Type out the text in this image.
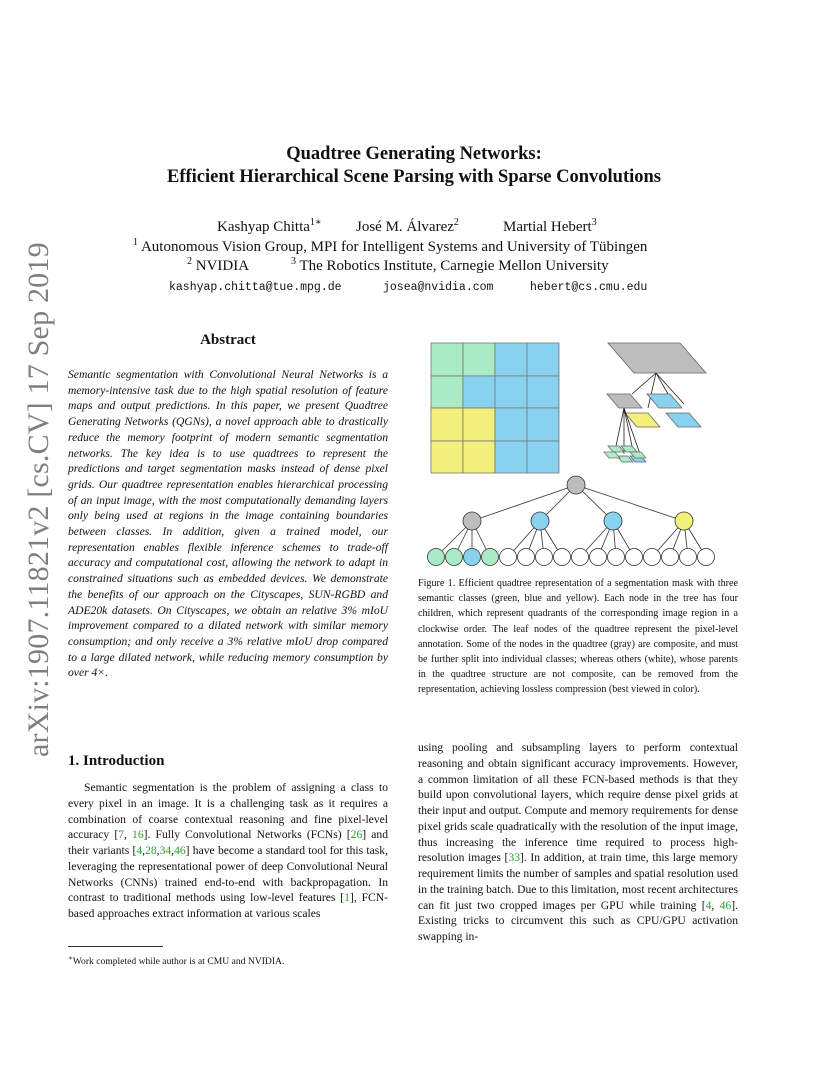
arXiv:1907.11821v2 [cs.CV] 17 Sep 2019
Quadtree Generating Networks:
Efficient Hierarchical Scene Parsing with Sparse Convolutions
Kashyap Chitta$^{1∗}$ José M. Álvarez$^2$	Martial Hebert$^3$
$^1$ Autonomous Vision Group, MPI for Intelligent Systems and University of Tübingen
$^2$ NVIDIA	$^3$ The Robotics Institute, Carnegie Mellon University
kashyap.chitta@tue.mpg.de	josea@nvidia.com	hebert@cs.cmu.edu
Abstract
Semantic segmentation with Convolutional Neural Networks is a memory-intensive task due to the high spatial resolution of feature maps and output predictions. In this paper, we present Quadtree Generating Networks (QGNs), a novel approach able to drastically reduce the memory footprint of modern semantic segmentation networks. The key idea is to use quadtrees to represent the predictions and target segmentation masks instead of dense pixel grids. Our quadtree representation enables hierarchical processing of an input image, with the most computationally demanding layers only being used at regions in the image containing boundaries between classes. In addition, given a trained model, our representation enables flexible inference schemes to trade-off accuracy and computational cost, allowing the network to adapt in constrained situations such as embedded devices. We demonstrate the benefits of our approach on the Cityscapes, SUN-RGBD and ADE20k datasets. On Cityscapes, we obtain an relative 3% mIoU improvement compared to a dilated network with similar memory consumption; and only receive a 3% relative mIoU drop compared to a large dilated network, while reducing memory consumption by over 4×.
Figure 1. Efficient quadtree representation of a segmentation mask with three semantic classes (green, blue and yellow). Each node in the tree has four children, which represent quadrants of the corresponding image region in a clockwise order. The leaf nodes of the quadtree represent the pixel-level annotation. Some of the nodes in the quadtree (gray) are composite, and must be further split into individual classes; whereas others (white), whose parents in the quadtree structure are not composite, can be removed from the representation, achieving lossless compression (best viewed in color).
1. Introduction

Semantic segmentation is the problem of assigning a class to every pixel in an image. It is a challenging task as it requires a combination of coarse contextual reasoning and fine pixel-level accuracy [7, 16]. Fully Convolutional Networks (FCNs) [26] and their variants [4,28,34,46] have become a standard tool for this task, leveraging the representational power of deep Convolutional Neural Networks (CNNs) trained end-to-end with backpropagation. In contrast to traditional methods using low-level features [1], FCN-based approaches extract information at various scales

using pooling and subsampling layers to perform contextual reasoning and obtain significant accuracy improvements. However, a common limitation of all these FCN-based methods is that they build upon convolutional layers, which require dense pixel grids at their input and output. Compute and memory requirements for dense pixel grids scale quadratically with the resolution of the input image, thus increasing the inference time required to process high-resolution images [33]. In addition, at train time, this large memory requirement limits the number of samples and spatial resolution used in the training batch. Due to this limitation, most recent architectures can fit just two cropped images per GPU while training [4, 46]. Existing tricks to circumvent this such as CPU/GPU activation swapping in-

∗Work completed while author is at CMU and NVIDIA.
